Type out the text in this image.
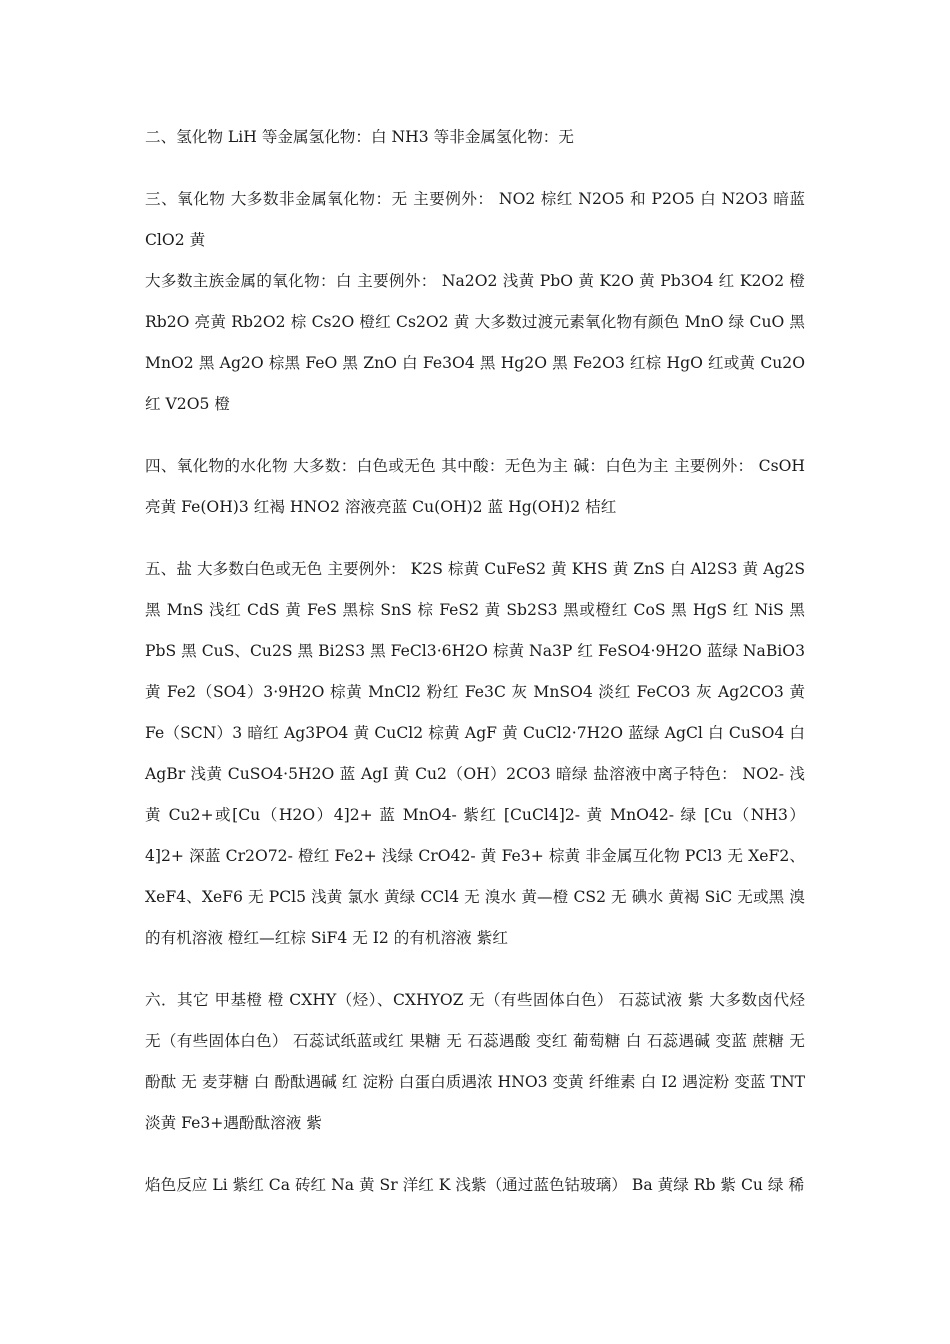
二、氢化物 LiH 等金属氢化物：白 NH3 等非金属氢化物：无

三、氧化物 大多数非金属氧化物：无 主要例外： NO2 棕红 N2O5 和 P2O5 白 N2O3 暗蓝 ClO2 黄

大多数主族金属的氧化物：白 主要例外： Na2O2 浅黄 PbO 黄 K2O 黄 Pb3O4 红 K2O2 橙 Rb2O 亮黄 Rb2O2 棕 Cs2O 橙红 Cs2O2 黄 大多数过渡元素氧化物有颜色 MnO 绿 CuO 黑 MnO2 黑 Ag2O 棕黑 FeO 黑 ZnO 白 Fe3O4 黑 Hg2O 黑 Fe2O3 红棕 HgO 红或黄 Cu2O 红 V2O5 橙

四、氧化物的水化物 大多数：白色或无色 其中酸：无色为主 碱：白色为主 主要例外： CsOH 亮黄 Fe(OH)3 红褐 HNO2 溶液亮蓝 Cu(OH)2 蓝 Hg(OH)2 桔红

五、盐 大多数白色或无色 主要例外： K2S 棕黄 CuFeS2 黄 KHS 黄 ZnS 白 Al2S3 黄 Ag2S 黑 MnS 浅红 CdS 黄 FeS 黑棕 SnS 棕 FeS2 黄 Sb2S3 黑或橙红 CoS 黑 HgS 红 NiS 黑 PbS 黑 CuS、Cu2S 黑 Bi2S3 黑 FeCl3·6H2O 棕黄 Na3P 红 FeSO4·9H2O 蓝绿 NaBiO3 黄 Fe2（SO4）3·9H2O 棕黄 MnCl2 粉红 Fe3C 灰 MnSO4 淡红 FeCO3 灰 Ag2CO3 黄 Fe（SCN）3 暗红 Ag3PO4 黄 CuCl2 棕黄 AgF 黄 CuCl2·7H2O 蓝绿 AgCl 白 CuSO4 白 AgBr 浅黄 CuSO4·5H2O 蓝 AgI 黄 Cu2（OH）2CO3 暗绿 盐溶液中离子特色： NO2- 浅黄 Cu2+或[Cu（H2O）4]2+ 蓝 MnO4- 紫红 [CuCl4]2- 黄 MnO42- 绿 [Cu（NH3）4]2+ 深蓝 Cr2O72- 橙红 Fe2+ 浅绿 CrO42- 黄 Fe3+ 棕黄 非金属互化物 PCl3 无 XeF2、XeF4、XeF6 无 PCl5 浅黄 氯水 黄绿 CCl4 无 溴水 黄—橙 CS2 无 碘水 黄褐 SiC 无或黑 溴的有机溶液 橙红—红棕 SiF4 无 I2 的有机溶液 紫红

六．其它 甲基橙 橙 CXHY（烃）、CXHYOZ 无（有些固体白色） 石蕊试液 紫 大多数卤代烃 无（有些固体白色） 石蕊试纸蓝或红 果糖 无 石蕊遇酸 变红 葡萄糖 白 石蕊遇碱 变蓝 蔗糖 无 酚酞 无 麦芽糖 白 酚酞遇碱 红 淀粉 白蛋白质遇浓 HNO3 变黄 纤维素 白 I2 遇淀粉 变蓝 TNT 淡黄 Fe3+遇酚酞溶液 紫

焰色反应 Li 紫红 Ca 砖红 Na 黄 Sr 洋红 K 浅紫（通过蓝色钴玻璃） Ba 黄绿 Rb 紫 Cu 绿 稀
